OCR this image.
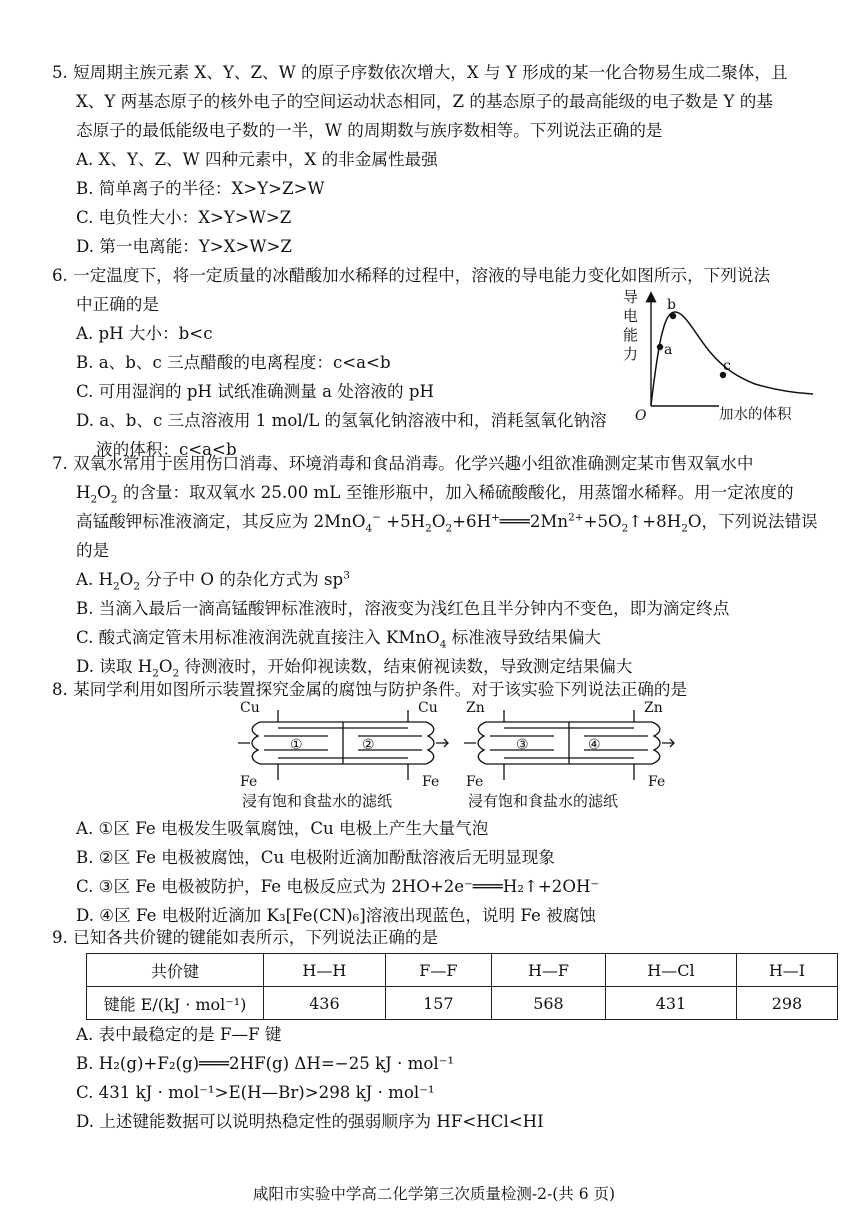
5. 短周期主族元素 X、Y、Z、W 的原子序数依次增大，X 与 Y 形成的某一化合物易生成二聚体，且
X、Y 两基态原子的核外电子的空间运动状态相同，Z 的基态原子的最高能级的电子数是 Y 的基
态原子的最低能级电子数的一半，W 的周期数与族序数相等。下列说法正确的是
A. X、Y、Z、W 四种元素中，X 的非金属性最强
B. 简单离子的半径：X>Y>Z>W
C. 电负性大小：X>Y>W>Z
D. 第一电离能：Y>X>W>Z
6. 一定温度下，将一定质量的冰醋酸加水稀释的过程中，溶液的导电能力变化如图所示，下列说法
中正确的是
A. pH 大小：b<c
B. a、b、c 三点醋酸的电离程度：c<a<b
C. 可用湿润的 pH 试纸准确测量 a 处溶液的 pH
D. a、b、c 三点溶液用 1 mol/L 的氢氧化钠溶液中和，消耗氢氧化钠溶
液的体积：c<a<b
导
电
能
力
O	加水的体积
a
b
c
7. 双氧水常用于医用伤口消毒、环境消毒和食品消毒。化学兴趣小组欲准确测定某市售双氧水中
$H_2O_2$ 的含量：取双氧水 25.00 mL 至锥形瓶中，加入稀硫酸酸化，用蒸馏水稀释。用一定浓度的
高锰酸钾标准液滴定，其反应为 $2MnO_4^- +5H_2O_2+6H^+═══2Mn^{2+}+5O_2↑+8H_2O$，下列说法错误
的是
A. $H_2O_2$ 分子中 O 的杂化方式为 $sp^3$
B. 当滴入最后一滴高锰酸钾标准液时，溶液变为浅红色且半分钟内不变色，即为滴定终点
C. 酸式滴定管未用标准液润洗就直接注入 KMnO$_4$ 标准液导致结果偏大
D. 读取 $H_2O_2$ 待测液时，开始仰视读数，结束俯视读数，导致测定结果偏大
8. 某同学利用如图所示装置探究金属的腐蚀与防护条件。对于该实验下列说法正确的是
Cu	Cu
Fe	Fe
①	②
浸有饱和食盐水的滤纸
Zn	Zn
Fe	Fe
③	④
浸有饱和食盐水的滤纸
A. ①区 Fe 电极发生吸氧腐蚀，Cu 电极上产生大量气泡
B. ②区 Fe 电极被腐蚀，Cu 电极附近滴加酚酞溶液后无明显现象
C. ③区 Fe 电极被防护，Fe 电极反应式为 2HO+2e⁻═══H₂↑+2OH⁻
D. ④区 Fe 电极附近滴加 K₃[Fe(CN)₆]溶液出现蓝色，说明 Fe 被腐蚀
9. 已知各共价键的键能如表所示，下列说法正确的是
共价键	H—H	F—F	H—F	H—Cl	H—I
键能 E/(kJ · mol⁻¹)	436	157	568	431	298
A. 表中最稳定的是 F—F 键
B. H₂(g)+F₂(g)═══2HF(g) ΔH=−25 kJ · mol⁻¹
C. 431 kJ · mol⁻¹>E(H—Br)>298 kJ · mol⁻¹
D. 上述键能数据可以说明热稳定性的强弱顺序为 HF<HCl<HI
咸阳市实验中学高二化学第三次质量检测-2-(共 6 页)
